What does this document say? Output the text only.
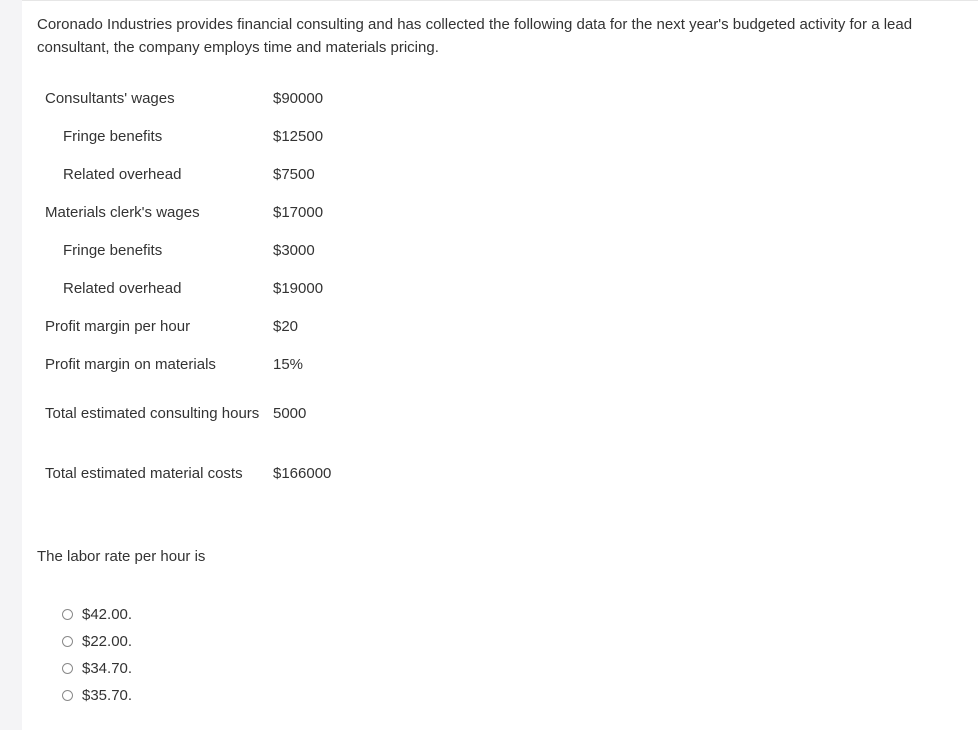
Coronado Industries provides financial consulting and has collected the following data for the next year's budgeted activity for a lead consultant, the company employs time and materials pricing.

Consultants' wages	$90000
Fringe benefits	$12500
Related overhead	$7500
Materials clerk's wages	$17000
Fringe benefits	$3000
Related overhead	$19000
Profit margin per hour	$20
Profit margin on materials	15%
Total estimated consulting hours	5000
Total estimated material costs	$166000

The labor rate per hour is

$42.00.
$22.00.
$34.70.
$35.70.
